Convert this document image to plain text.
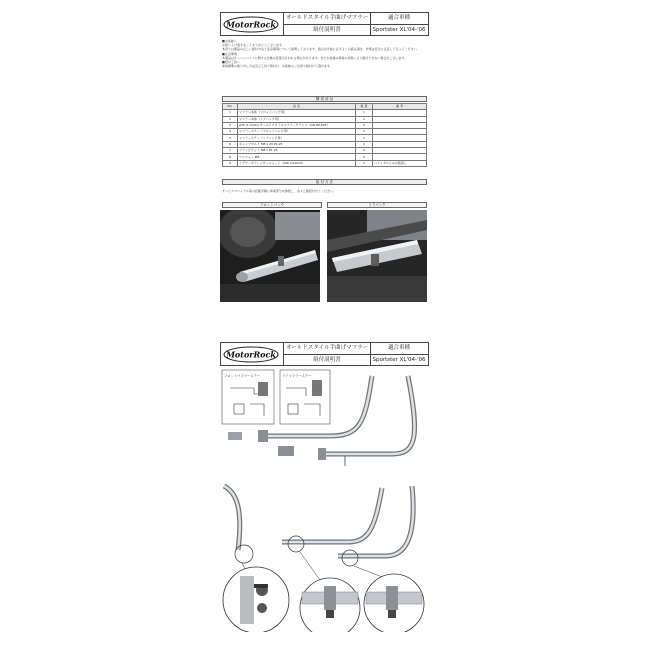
MotorRock
オールドスタイル手曲げマフラー
組付説明書
適合車種
Sportster XL'04-'06

■お客様へ

お買い上げ頂きましてありがとうございます。

本書では製品の正しい組付方法と注意事項について説明しております。組み付け前に必ずよくお読み頂き、作業は安全に注意して行ってください。

■注意事項

本製品はオーバーパイプに関する仕様の変更が行われる場合があります。またお客様の車両の状態により組付できない場合がございます。

■組付工具へ

車両標準の取り外し方法及び工具で取付け、お客様のご自身で取付けて頂けます。

構 成 部 品
No.	品 名	数 量	備 考
1	マフラー本体（フロントバンク用）	1	
2	マフラー本体（リアバンク用）	1	
3	φ45 (1-3/4in) オールドスタイルマフラークランプ（GR-ZZ-P25）	2	
4	マフラーステー（フロントバンク用）	1	
5	マフラーステー（リアバンク用）	1	
6	キャップボルト M8 x 20 P1.25	2	
7	フランジナット M8 x P1.25	2	
8	ワッシャー M8	2	
9	イグナーガイレンサーショート（DID CAX015）	1	ベアメタルにのみ装着し
組 付 方 法
サービスマニュアル等の記載手順に車両部分を参照し、各々と確認付けてください。
フロントバンク	リアバンク
MotorRock
オールドスタイル手曲げマフラー
組付説明書
適合車種
Sportster XL'04-'06
フロントマフラーステー	リアマフラーステー
